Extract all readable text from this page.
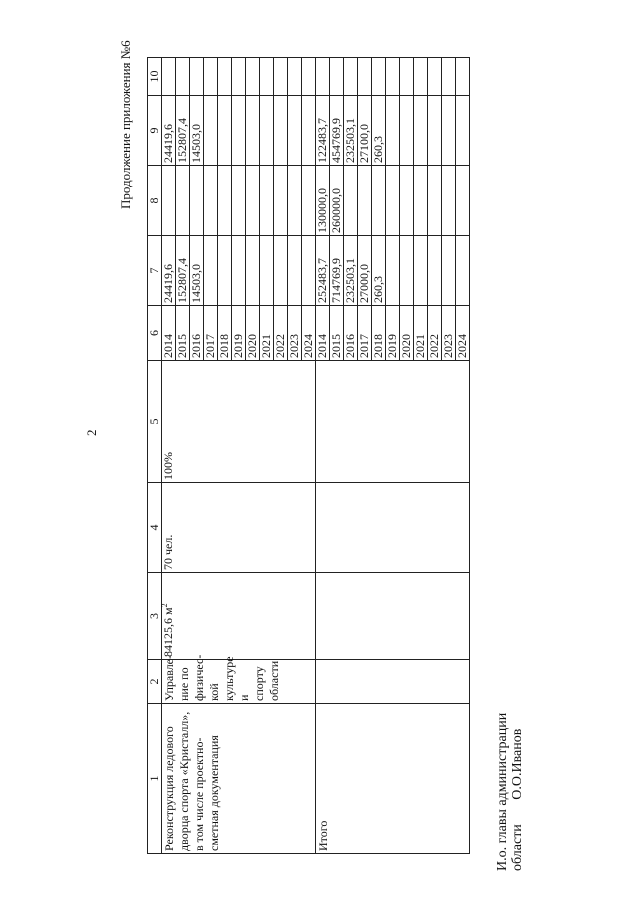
2
Продолжение приложения №6
1	2	3	4	5	6	7	8	9	10	
Реконструкция ледового дворца спорта «Кристалл», в том числе проектно-сметная документация	Управле-ние по физичес-кой культуре и спорту области	84125,6 $м^2$	70 чел.	100%	2014	24419,6		24419,6		
					2015	152807,4		152807,4		
					2016	14503,0		14503,0		
					2017					
					2018					
					2019					
					2020					
					2021					
					2022					
					2023					
					2024					
Итого					2014	252483,7	130000,0	122483,7		
					2015	714769,9	260000,0	454769,9		
					2016	232503,1		232503,1		
					2017	27000,0		27100,0		
					2018	260,3		260,3		
					2019					
					2020					
					2021					
					2022					
					2023					
					2024					
И.о. главы администрации
области       О.О.Иванов
